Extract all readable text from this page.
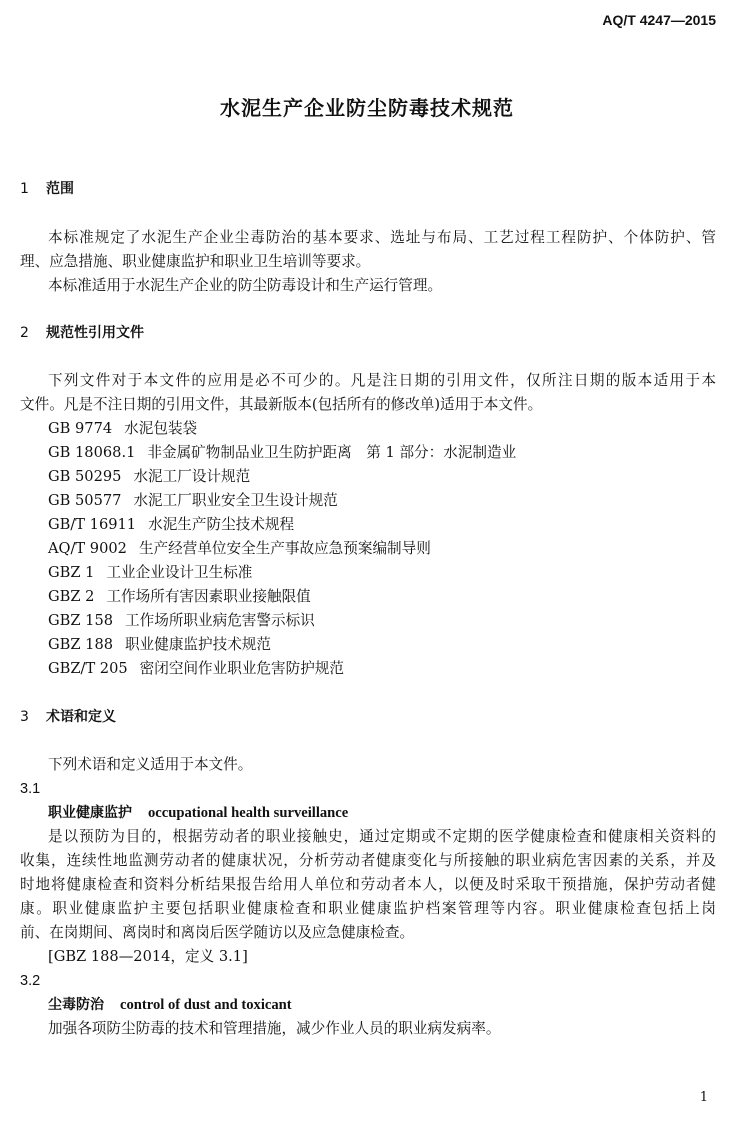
AQ/T 4247—2015
水泥生产企业防尘防毒技术规范
1 范围
本标准规定了水泥生产企业尘毒防治的基本要求、选址与布局、工艺过程工程防护、个体防护、管
理、应急措施、职业健康监护和职业卫生培训等要求。
本标准适用于水泥生产企业的防尘防毒设计和生产运行管理。
2 规范性引用文件
下列文件对于本文件的应用是必不可少的。凡是注日期的引用文件，仅所注日期的版本适用于本
文件。凡是不注日期的引用文件，其最新版本(包括所有的修改单)适用于本文件。
GB 9774 水泥包装袋
GB 18068.1 非金属矿物制品业卫生防护距离　第 1 部分：水泥制造业
GB 50295 水泥工厂设计规范
GB 50577 水泥工厂职业安全卫生设计规范
GB/T 16911 水泥生产防尘技术规程
AQ/T 9002 生产经营单位安全生产事故应急预案编制导则
GBZ 1 工业企业设计卫生标准
GBZ 2 工作场所有害因素职业接触限值
GBZ 158 工作场所职业病危害警示标识
GBZ 188 职业健康监护技术规范
GBZ/T 205 密闭空间作业职业危害防护规范
3 术语和定义
下列术语和定义适用于本文件。
3.1
职业健康监护 occupational health surveillance
是以预防为目的，根据劳动者的职业接触史，通过定期或不定期的医学健康检查和健康相关资料的
收集，连续性地监测劳动者的健康状况，分析劳动者健康变化与所接触的职业病危害因素的关系，并及
时地将健康检查和资料分析结果报告给用人单位和劳动者本人，以便及时采取干预措施，保护劳动者健
康。职业健康监护主要包括职业健康检查和职业健康监护档案管理等内容。职业健康检查包括上岗
前、在岗期间、离岗时和离岗后医学随访以及应急健康检查。
[GBZ 188—2014，定义 3.1]
3.2
尘毒防治 control of dust and toxicant
加强各项防尘防毒的技术和管理措施，减少作业人员的职业病发病率。
1
